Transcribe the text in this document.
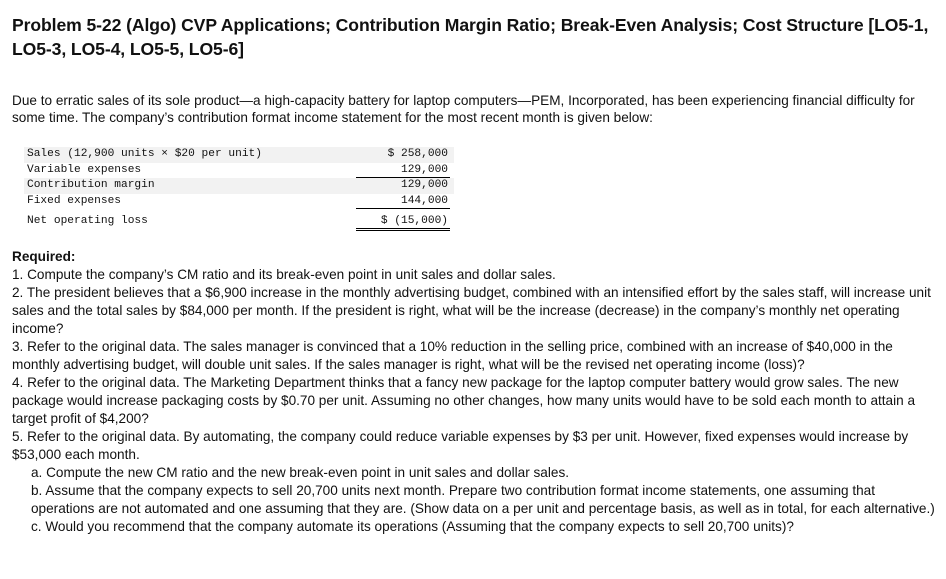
Problem 5-22 (Algo) CVP Applications; Contribution Margin Ratio; Break-Even Analysis; Cost Structure [LO5-1, LO5-3, LO5-4, LO5-5, LO5-6]
Due to erratic sales of its sole product—a high-capacity battery for laptop computers—PEM, Incorporated, has been experiencing financial difficulty for some time. The company’s contribution format income statement for the most recent month is given below:
Sales (12,900 units × $20 per unit)	$ 258,000
Variable expenses	129,000
Contribution margin	129,000
Fixed expenses	144,000
Net operating loss	$ (15,000)

Required:

1. Compute the company’s CM ratio and its break-even point in unit sales and dollar sales.

2. The president believes that a $6,900 increase in the monthly advertising budget, combined with an intensified effort by the sales staff, will increase unit sales and the total sales by $84,000 per month. If the president is right, what will be the increase (decrease) in the company’s monthly net operating income?

3. Refer to the original data. The sales manager is convinced that a 10% reduction in the selling price, combined with an increase of $40,000 in the monthly advertising budget, will double unit sales. If the sales manager is right, what will be the revised net operating income (loss)?

4. Refer to the original data. The Marketing Department thinks that a fancy new package for the laptop computer battery would grow sales. The new package would increase packaging costs by $0.70 per unit. Assuming no other changes, how many units would have to be sold each month to attain a target profit of $4,200?

5. Refer to the original data. By automating, the company could reduce variable expenses by $3 per unit. However, fixed expenses would increase by $53,000 each month.

a. Compute the new CM ratio and the new break-even point in unit sales and dollar sales.

b. Assume that the company expects to sell 20,700 units next month. Prepare two contribution format income statements, one assuming that operations are not automated and one assuming that they are. (Show data on a per unit and percentage basis, as well as in total, for each alternative.)

c. Would you recommend that the company automate its operations (Assuming that the company expects to sell 20,700 units)?
